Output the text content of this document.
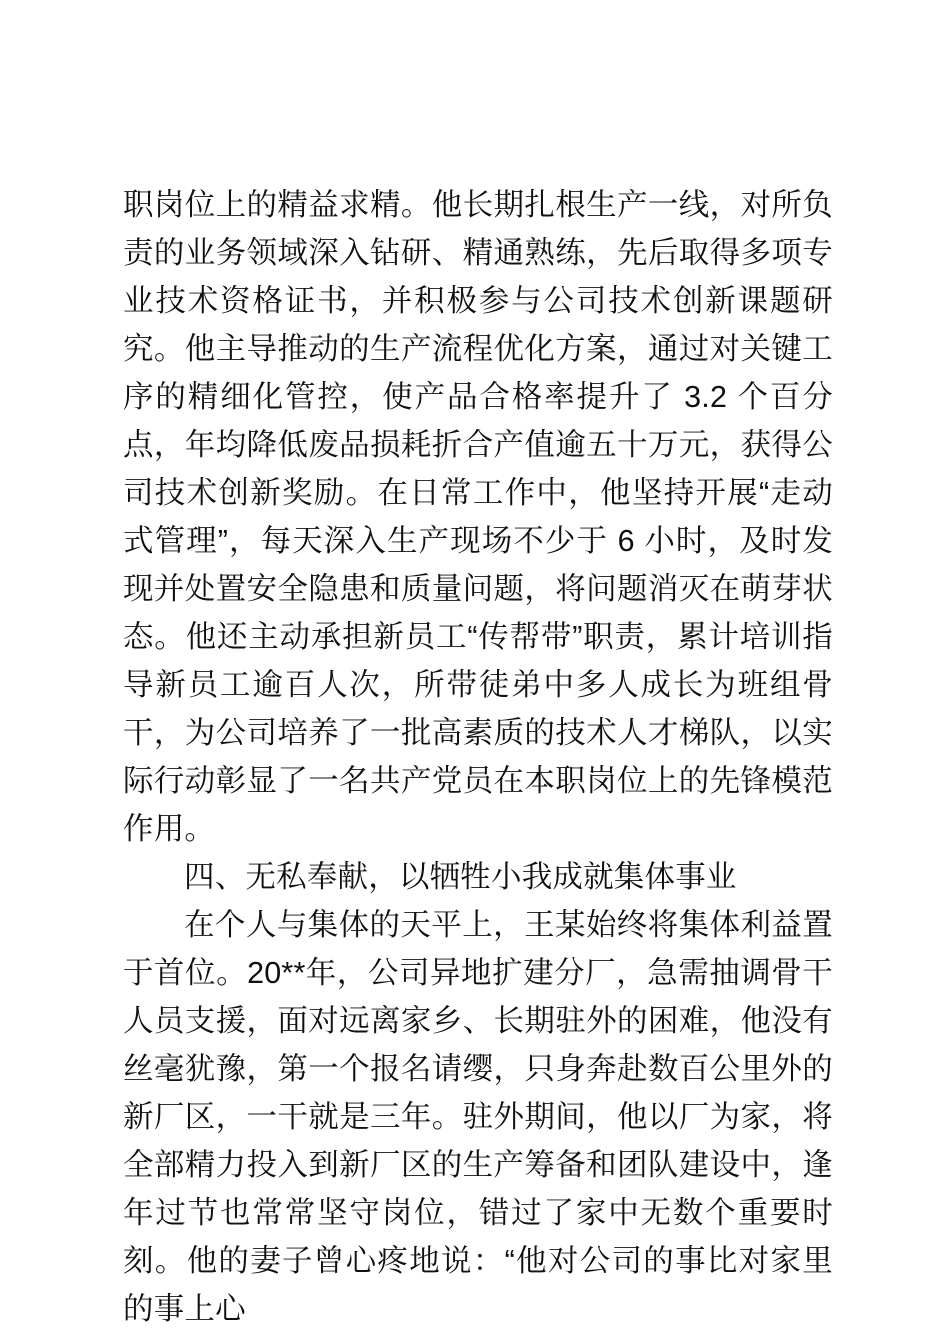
职岗位上的精益求精。他长期扎根生产一线，对所负责的业务领域深入钻研、精通熟练，先后取得多项专业技术资格证书，并积极参与公司技术创新课题研究。他主导推动的生产流程优化方案，通过对关键工序的精细化管控，使产品合格率提升了 3.2 个百分点，年均降低废品损耗折合产值逾五十万元，获得公司技术创新奖励。在日常工作中，他坚持开展“走动式管理”，每天深入生产现场不少于 6 小时，及时发现并处置安全隐患和质量问题，将问题消灭在萌芽状态。他还主动承担新员工“传帮带”职责，累计培训指导新员工逾百人次，所带徒弟中多人成长为班组骨干，为公司培养了一批高素质的技术人才梯队，以实际行动彰显了一名共产党员在本职岗位上的先锋模范作用。

四、无私奉献，以牺牲小我成就集体事业

在个人与集体的天平上，王某始终将集体利益置于首位。20**年，公司异地扩建分厂，急需抽调骨干人员支援，面对远离家乡、长期驻外的困难，他没有丝毫犹豫，第一个报名请缨，只身奔赴数百公里外的新厂区，一干就是三年。驻外期间，他以厂为家，将全部精力投入到新厂区的生产筹备和团队建设中，逢年过节也常常坚守岗位，错过了家中无数个重要时刻。他的妻子曾心疼地说：“他对公司的事比对家里的事上心
